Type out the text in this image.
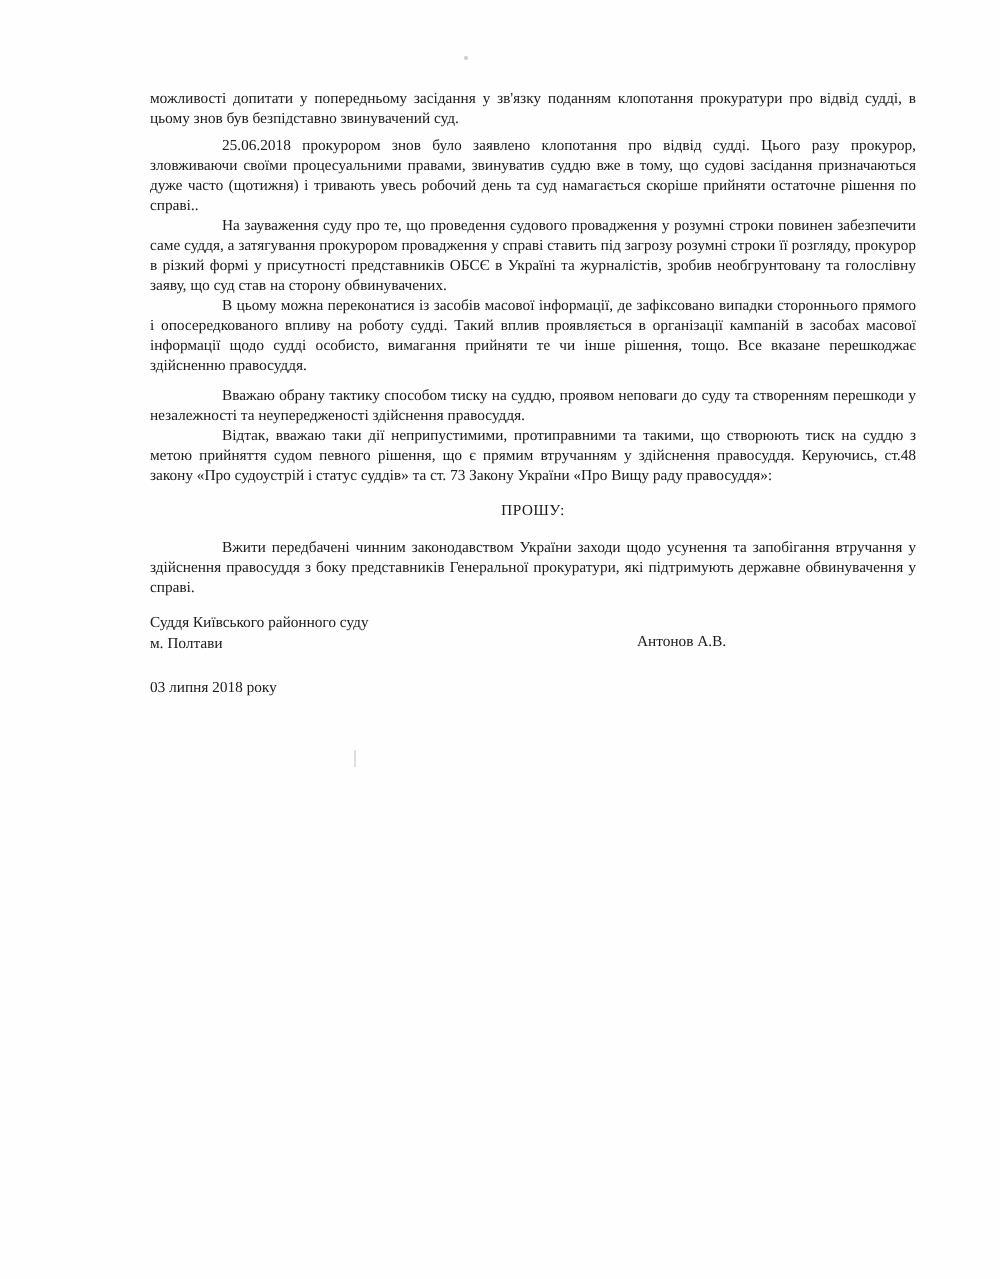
можливості допитати у попередньому засідання у зв'язку поданням клопотання прокуратури про відвід судді, в цьому знов був безпідставно звинувачений суд.

25.06.2018 прокурором знов було заявлено клопотання про відвід судді. Цього разу прокурор, зловживаючи своїми процесуальними правами, звинуватив суддю вже в тому, що судові засідання призначаються дуже часто (щотижня) і тривають увесь робочий день та суд намагається скоріше прийняти остаточне рішення по справі..

На зауваження суду про те, що проведення судового провадження у розумні строки повинен забезпечити саме суддя, а затягування прокурором провадження у справі ставить під загрозу розумні строки її розгляду, прокурор в різкий формі у присутності представників ОБСЄ в Україні та журналістів, зробив необгрунтовану та голослівну заяву, що суд став на сторону обвинувачених.

В цьому можна переконатися із засобів масової інформації, де зафіксовано випадки стороннього прямого і опосередкованого впливу на роботу судді. Такий вплив проявляється в організації кампаній в засобах масової інформації щодо судді особисто, вимагання прийняти те чи інше рішення, тощо. Все вказане перешкоджає здійсненню правосуддя.

Вважаю обрану тактику способом тиску на суддю, проявом неповаги до суду та створенням перешкоди у незалежності та неупередженості здійснення правосуддя.

Відтак, вважаю таки дії неприпустимими, протиправними та такими, що створюють тиск на суддю з метою прийняття судом певного рішення, що є прямим втручанням у здійснення правосуддя. Керуючись, ст.48 закону «Про судоустрій і статус суддів» та ст. 73 Закону України «Про Вищу раду правосуддя»:

ПРОШУ:

Вжити передбачені чинним законодавством України заходи щодо усунення та запобігання втручання у здійснення правосуддя з боку представників Генеральної прокуратури, які підтримують державне обвинувачення у справі.

Суддя Київського районного суду
м. Полтави	Антонов А.В.

03 липня 2018 року
